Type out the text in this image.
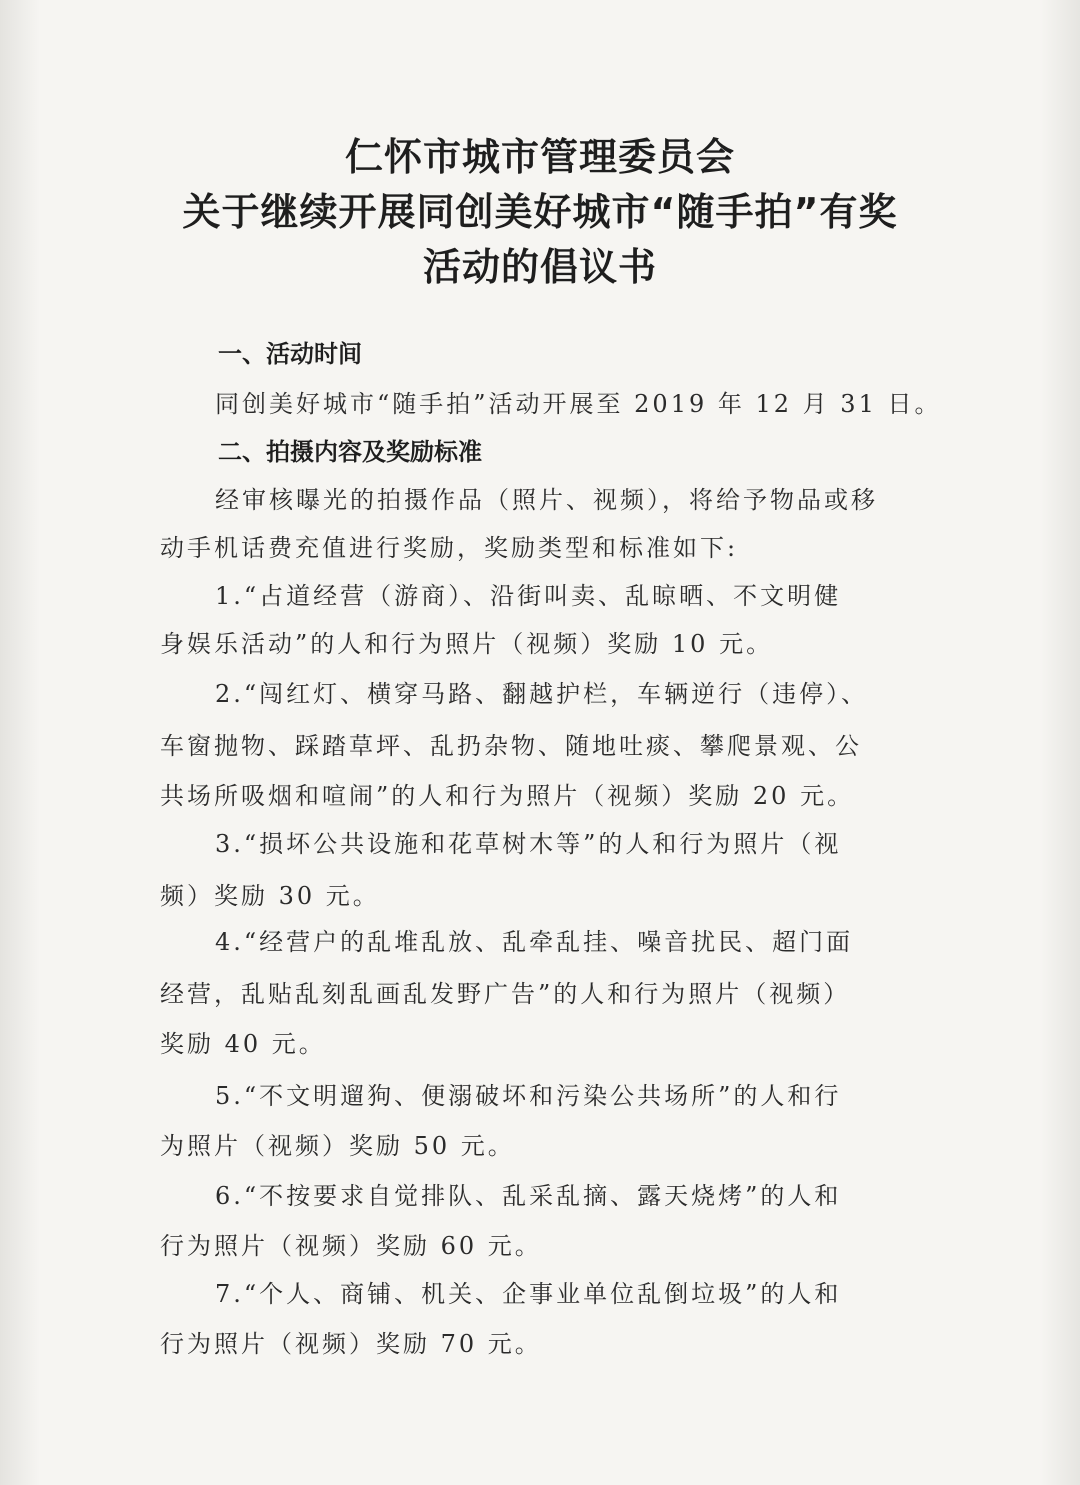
仁怀市城市管理委员会
关于继续开展同创美好城市“随手拍”有奖
活动的倡议书
一、活动时间
同创美好城市“随手拍”活动开展至 2019 年 12 月 31 日。
二、拍摄内容及奖励标准
经审核曝光的拍摄作品（照片、视频），将给予物品或移
动手机话费充值进行奖励，奖励类型和标准如下:
1.“占道经营（游商）、沿街叫卖、乱晾晒、不文明健
身娱乐活动”的人和行为照片（视频）奖励 10 元。
2.“闯红灯、横穿马路、翻越护栏，车辆逆行（违停）、
车窗抛物、踩踏草坪、乱扔杂物、随地吐痰、攀爬景观、公
共场所吸烟和喧闹”的人和行为照片（视频）奖励 20 元。
3.“损坏公共设施和花草树木等”的人和行为照片（视
频）奖励 30 元。
4.“经营户的乱堆乱放、乱牵乱挂、噪音扰民、超门面
经营，乱贴乱刻乱画乱发野广告”的人和行为照片（视频）
奖励 40 元。
5.“不文明遛狗、便溺破坏和污染公共场所”的人和行
为照片（视频）奖励 50 元。
6.“不按要求自觉排队、乱采乱摘、露天烧烤”的人和
行为照片（视频）奖励 60 元。
7.“个人、商铺、机关、企事业单位乱倒垃圾”的人和
行为照片（视频）奖励 70 元。
